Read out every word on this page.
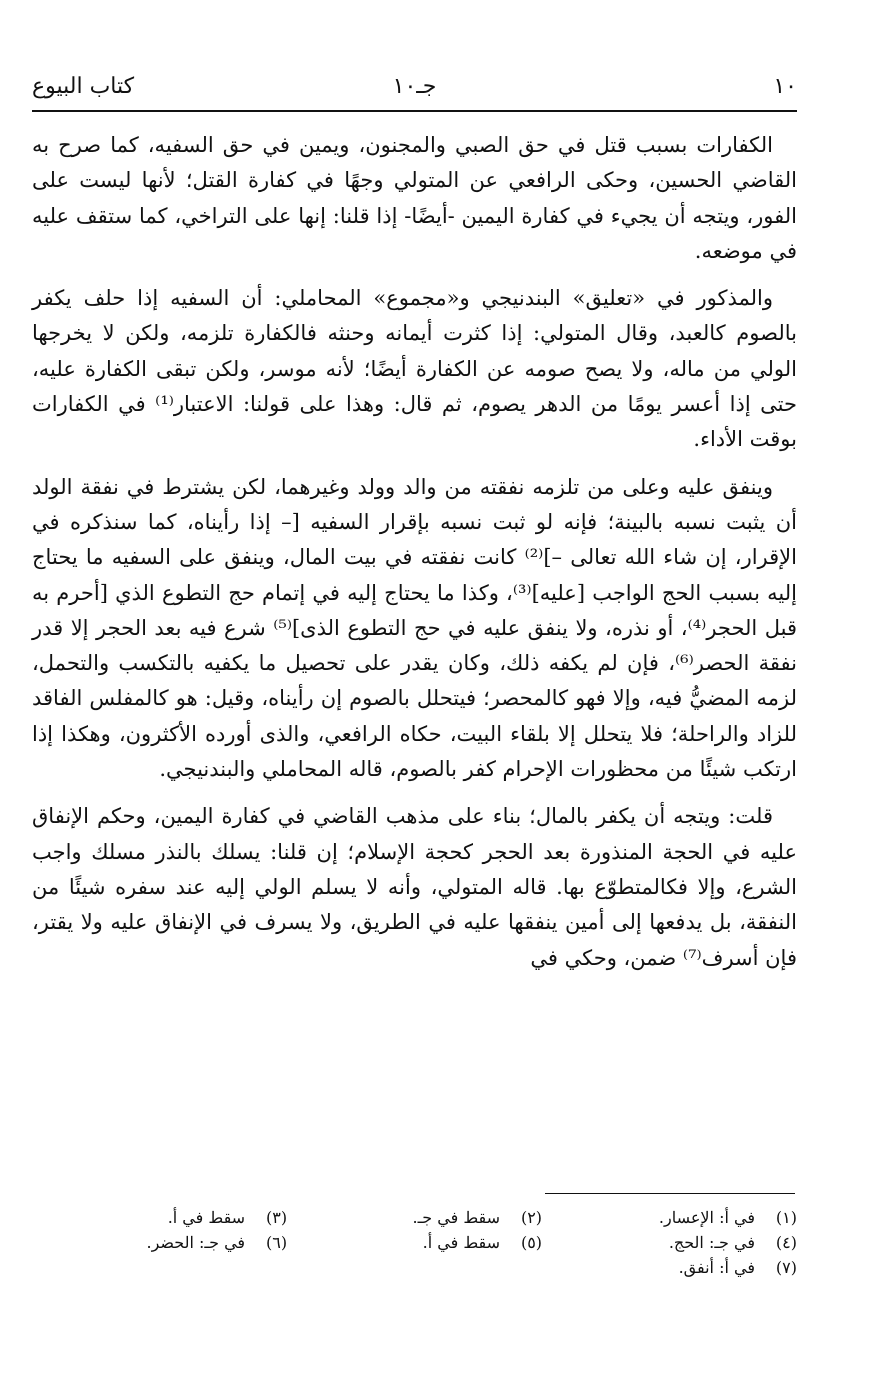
١٠
جـ١٠
كتاب البيوع

الكفارات بسبب قتل في حق الصبي والمجنون، ويمين في حق السفيه، كما صرح به القاضي الحسين، وحكى الرافعي عن المتولي وجهًا في كفارة القتل؛ لأنها ليست على الفور، ويتجه أن يجيء في كفارة اليمين -أيضًا- إذا قلنا: إنها على التراخي، كما ستقف عليه في موضعه.

والمذكور في «تعليق» البندنيجي و«مجموع» المحاملي: أن السفيه إذا حلف يكفر بالصوم كالعبد، وقال المتولي: إذا كثرت أيمانه وحنثه فالكفارة تلزمه، ولكن لا يخرجها الولي من ماله، ولا يصح صومه عن الكفارة أيضًا؛ لأنه موسر، ولكن تبقى الكفارة عليه، حتى إذا أعسر يومًا من الدهر يصوم، ثم قال: وهذا على قولنا: الاعتبار⁽¹⁾ في الكفارات بوقت الأداء.

وينفق عليه وعلى من تلزمه نفقته من والد وولد وغيرهما، لكن يشترط في نفقة الولد أن يثبت نسبه بالبينة؛ فإنه لو ثبت نسبه بإقرار السفيه [– إذا رأيناه، كما سنذكره في الإقرار، إن شاء الله تعالى –]⁽²⁾ كانت نفقته في بيت المال، وينفق على السفيه ما يحتاج إليه بسبب الحج الواجب [عليه]⁽³⁾، وكذا ما يحتاج إليه في إتمام حج التطوع الذي [أحرم به قبل الحجر⁽⁴⁾، أو نذره، ولا ينفق عليه في حج التطوع الذى]⁽⁵⁾ شرع فيه بعد الحجر إلا قدر نفقة الحصر⁽⁶⁾، فإن لم يكفه ذلك، وكان يقدر على تحصيل ما يكفيه بالتكسب والتحمل، لزمه المضيُّ فيه، وإلا فهو كالمحصر؛ فيتحلل بالصوم إن رأيناه، وقيل: هو كالمفلس الفاقد للزاد والراحلة؛ فلا يتحلل إلا بلقاء البيت، حكاه الرافعي، والذى أورده الأكثرون، وهكذا إذا ارتكب شيئًا من محظورات الإحرام كفر بالصوم، قاله المحاملي والبندنيجي.

قلت: ويتجه أن يكفر بالمال؛ بناء على مذهب القاضي في كفارة اليمين، وحكم الإنفاق عليه في الحجة المنذورة بعد الحجر كحجة الإسلام؛ إن قلنا: يسلك بالنذر مسلك واجب الشرع، وإلا فكالمتطوّع بها. قاله المتولي، وأنه لا يسلم الولي إليه عند سفره شيئًا من النفقة، بل يدفعها إلى أمين ينفقها عليه في الطريق، ولا يسرف في الإنفاق عليه ولا يقتر، فإن أسرف⁽⁷⁾ ضمن، وحكي في

(١)في أ: الإعسار.
(٢)سقط في جـ.
(٣)سقط في أ.
(٤)في جـ: الحج.
(٥)سقط في أ.
(٦)في جـ: الحضر.
(٧)في أ: أنفق.
